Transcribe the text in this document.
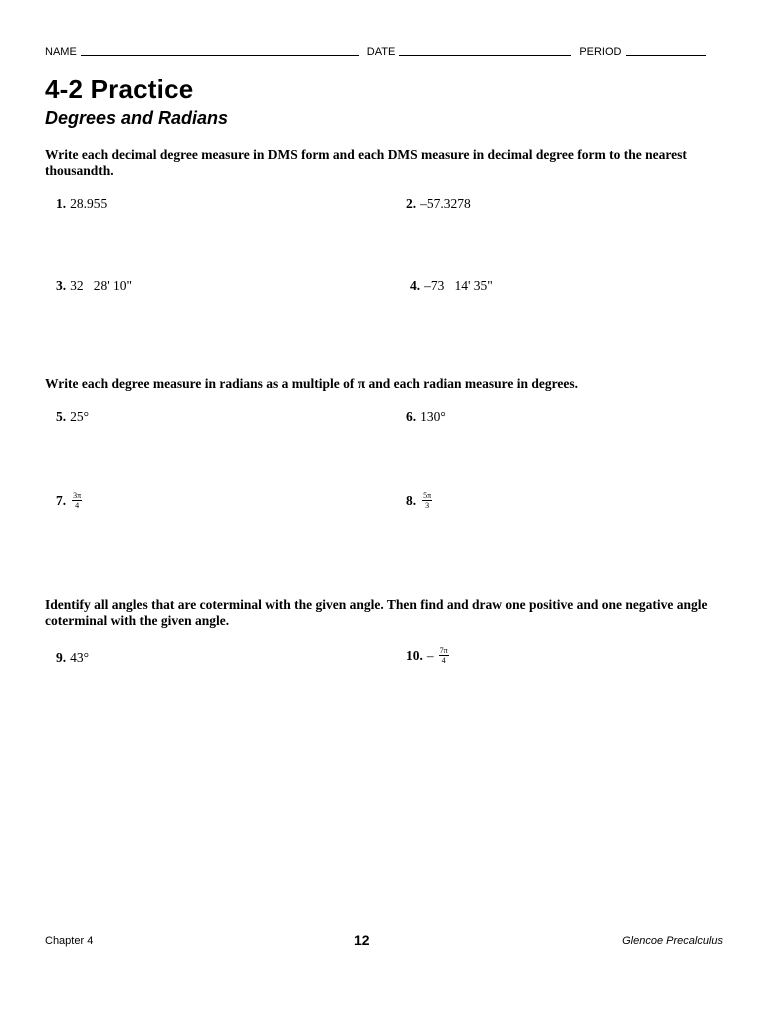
NAME	DATE	PERIOD
4-2 Practice
Degrees and Radians
Write each decimal degree measure in DMS form and each DMS measure in decimal degree form to the nearest thousandth.
1. 28.955	2. –57.3278
3. 32   28' 10"	4. –73   14' 35"
Write each degree measure in radians as a multiple of π and each radian measure in degrees.
5. 25°	6. 130°
7. $\frac{3\pi}{4}$	8. $\frac{5\pi}{3}$
Identify all angles that are coterminal with the given angle. Then find and draw one positive and one negative angle coterminal with the given angle.
9. 43°	10. – $\frac{7\pi}{4}$
Chapter 4	12	Glencoe Precalculus
